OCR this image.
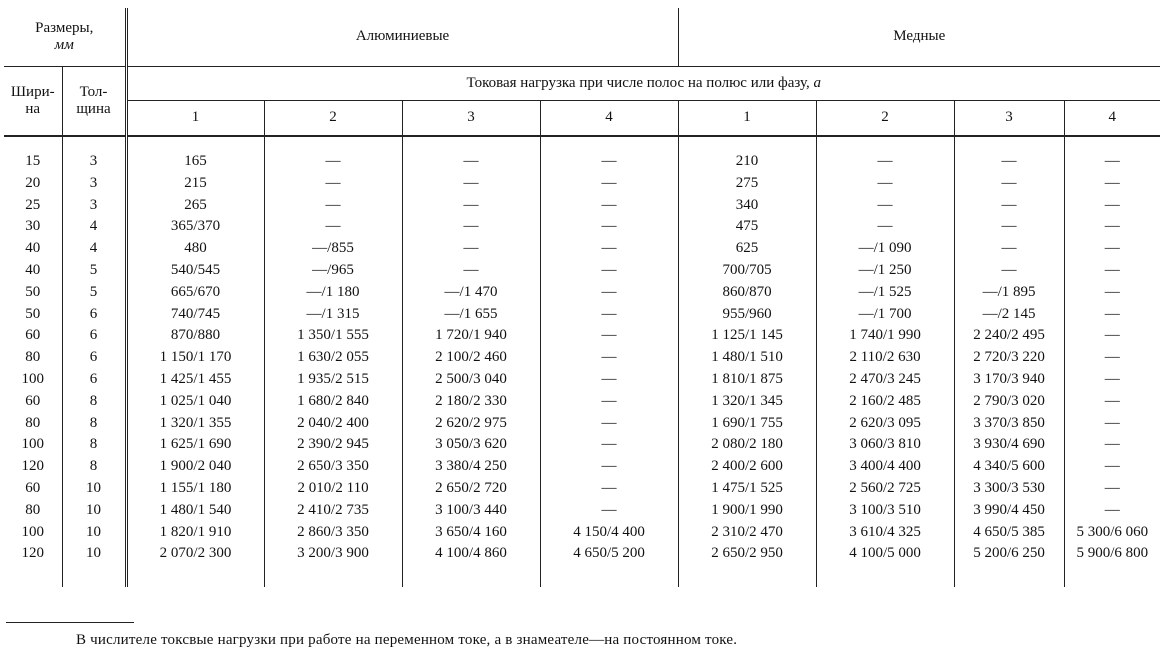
Размеры,
мм		Алюминиевые				Медные			
Шири-
на	Тол-
щина	Токовая нагрузка при числе полос на полюс или фазу, а							
		1	2	3	4	1	2	3	4
15	3	165	—	—	—	210	—	—	—
20	3	215	—	—	—	275	—	—	—
25	3	265	—	—	—	340	—	—	—
30	4	365/370	—	—	—	475	—	—	—
40	4	480	—/855	—	—	625	—/1 090	—	—
40	5	540/545	—/965	—	—	700/705	—/1 250	—	—
50	5	665/670	—/1 180	—/1 470	—	860/870	—/1 525	—/1 895	—
50	6	740/745	—/1 315	—/1 655	—	955/960	—/1 700	—/2 145	—
60	6	870/880	1 350/1 555	1 720/1 940	—	1 125/1 145	1 740/1 990	2 240/2 495	—
80	6	1 150/1 170	1 630/2 055	2 100/2 460	—	1 480/1 510	2 110/2 630	2 720/3 220	—
100	6	1 425/1 455	1 935/2 515	2 500/3 040	—	1 810/1 875	2 470/3 245	3 170/3 940	—
60	8	1 025/1 040	1 680/2 840	2 180/2 330	—	1 320/1 345	2 160/2 485	2 790/3 020	—
80	8	1 320/1 355	2 040/2 400	2 620/2 975	—	1 690/1 755	2 620/3 095	3 370/3 850	—
100	8	1 625/1 690	2 390/2 945	3 050/3 620	—	2 080/2 180	3 060/3 810	3 930/4 690	—
120	8	1 900/2 040	2 650/3 350	3 380/4 250	—	2 400/2 600	3 400/4 400	4 340/5 600	—
60	10	1 155/1 180	2 010/2 110	2 650/2 720	—	1 475/1 525	2 560/2 725	3 300/3 530	—
80	10	1 480/1 540	2 410/2 735	3 100/3 440	—	1 900/1 990	3 100/3 510	3 990/4 450	—
100	10	1 820/1 910	2 860/3 350	3 650/4 160	4 150/4 400	2 310/2 470	3 610/4 325	4 650/5 385	5 300/6 060
120	10	2 070/2 300	3 200/3 900	4 100/4 860	4 650/5 200	2 650/2 950	4 100/5 000	5 200/6 250	5 900/6 800
В числителе токсвые нагрузки при работе на переменном токе, а в знамеателе—на постоянном токе.
